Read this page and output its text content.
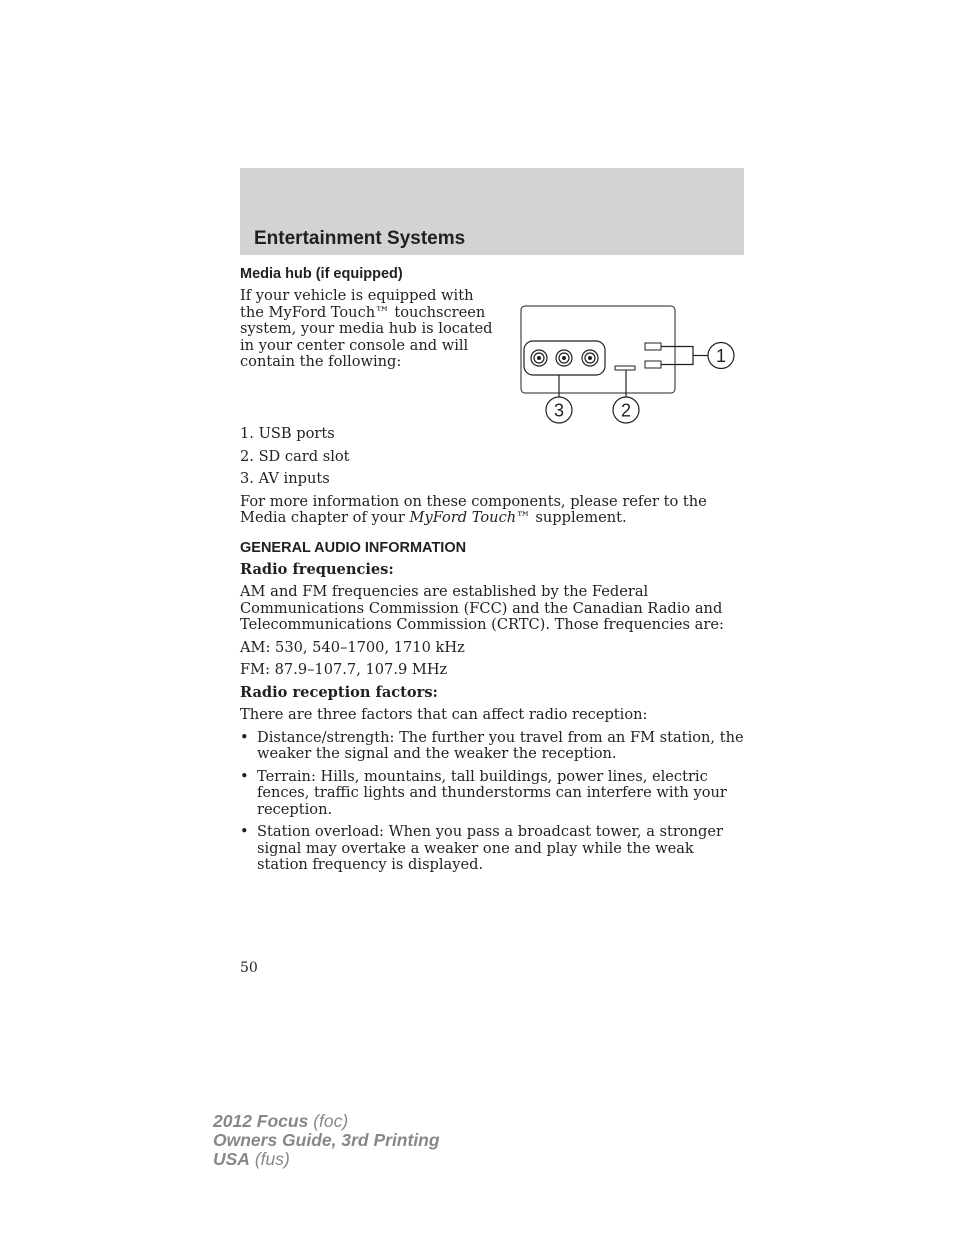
Entertainment Systems
Media hub (if equipped)

If your vehicle is equipped with the MyFord Touch™ touchscreen system, your media hub is located in your center console and will contain the following:	1
2
3

1. USB ports

2. SD card slot

3. AV inputs

For more information on these components, please refer to the Media chapter of your MyFord Touch™ supplement.

GENERAL AUDIO INFORMATION

Radio frequencies:

AM and FM frequencies are established by the Federal Communications Commission (FCC) and the Canadian Radio and Telecommunications Commission (CRTC). Those frequencies are:

AM: 530, 540–1700, 1710 kHz

FM: 87.9–107.7, 107.9 MHz

Radio reception factors:

There are three factors that can affect radio reception:

• Distance/strength: The further you travel from an FM station, the weaker the signal and the weaker the reception.
• Terrain: Hills, mountains, tall buildings, power lines, electric fences, traffic lights and thunderstorms can interfere with your reception.
• Station overload: When you pass a broadcast tower, a stronger signal may overtake a weaker one and play while the weak station frequency is displayed.
50
2012 Focus (foc)
Owners Guide, 3rd Printing
USA (fus)
